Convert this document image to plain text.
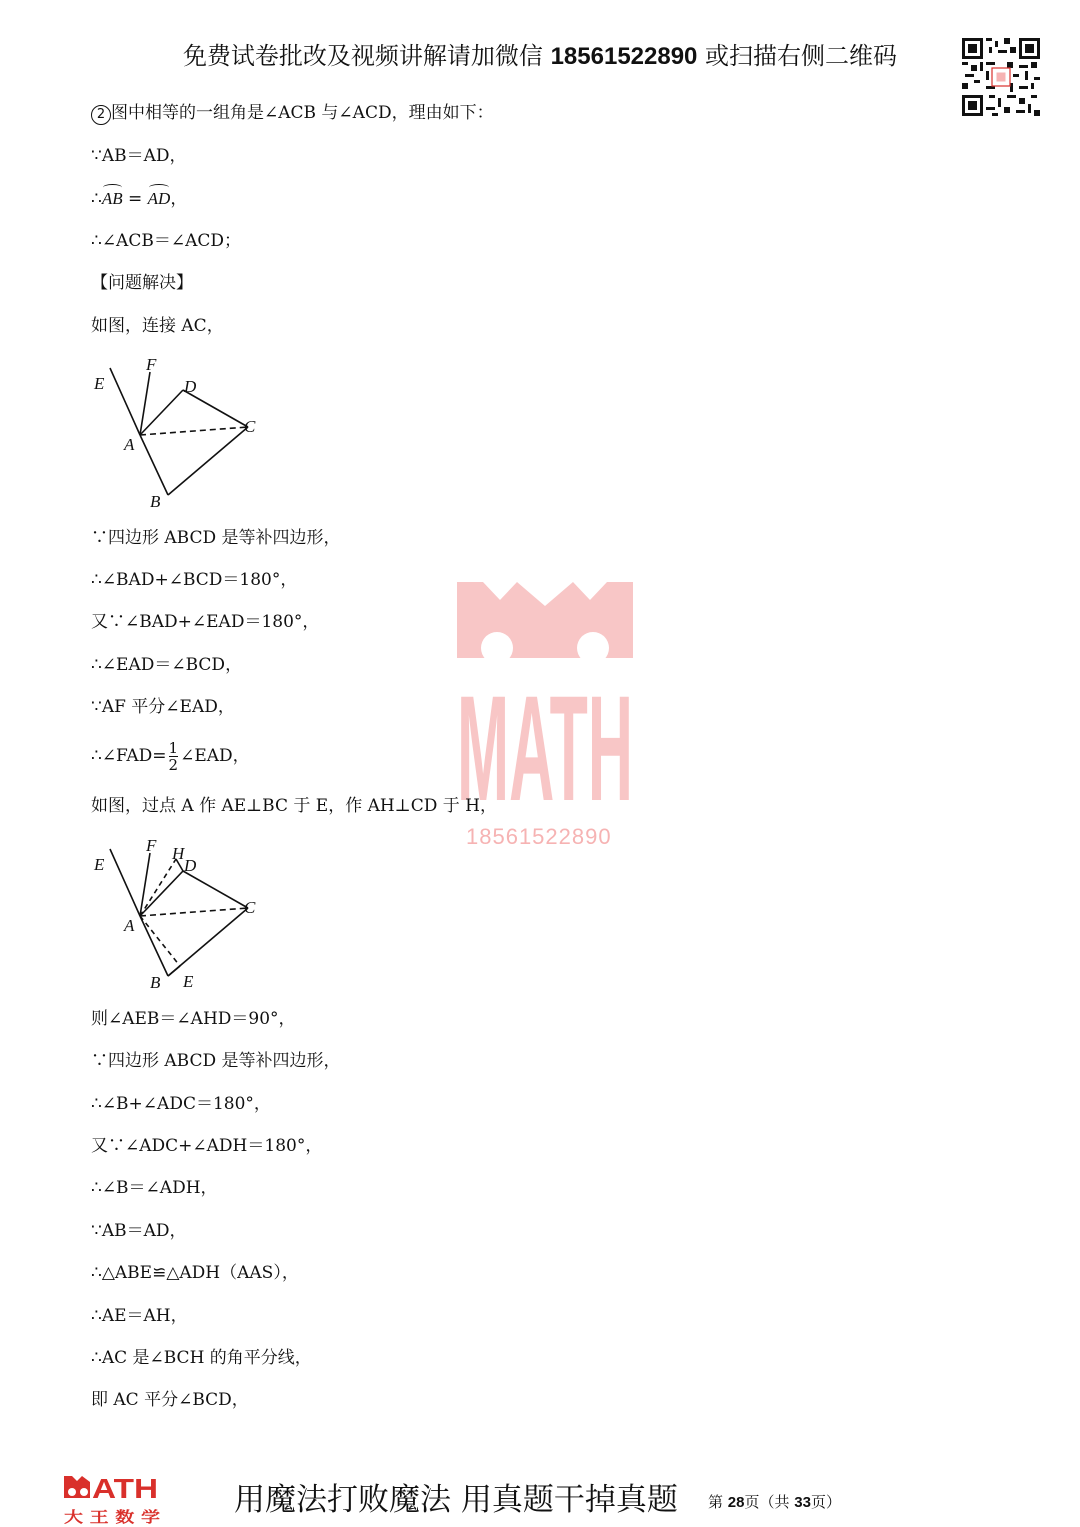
免费试卷批改及视频讲解请加微信 18561522890 或扫描右侧二维码
MATH
18561522890
2 图中相等的一组角是∠ACB 与∠ACD，理由如下：
∵AB＝AD，
∴AB = AD，
∴∠ACB＝∠ACD；
【问题解决】
如图，连接 AC，
E
F
D
C
A
B
∵四边形 ABCD 是等补四边形，
∴∠BAD+∠BCD＝180°，
又∵∠BAD+∠EAD＝180°，
∴∠EAD＝∠BCD，
∵AF 平分∠EAD，
∴∠FAD= $\frac{1}{2}$ ∠EAD，
如图，过点 A 作 AE⊥BC 于 E，作 AH⊥CD 于 H，
E
F H
D
C
A
B E
则∠AEB＝∠AHD＝90°，
∵四边形 ABCD 是等补四边形，
∴∠B+∠ADC＝180°，
又∵∠ADC+∠ADH＝180°，
∴∠B＝∠ADH，
∵AB＝AD，
∴△ABE≌△ADH（AAS），
∴AE＝AH，
∴AC 是∠BCH 的角平分线，
即 AC 平分∠BCD，
ATH
大 王 数 学 用魔法打败魔法 用真题干掉真题 第 28页（共 33页）
